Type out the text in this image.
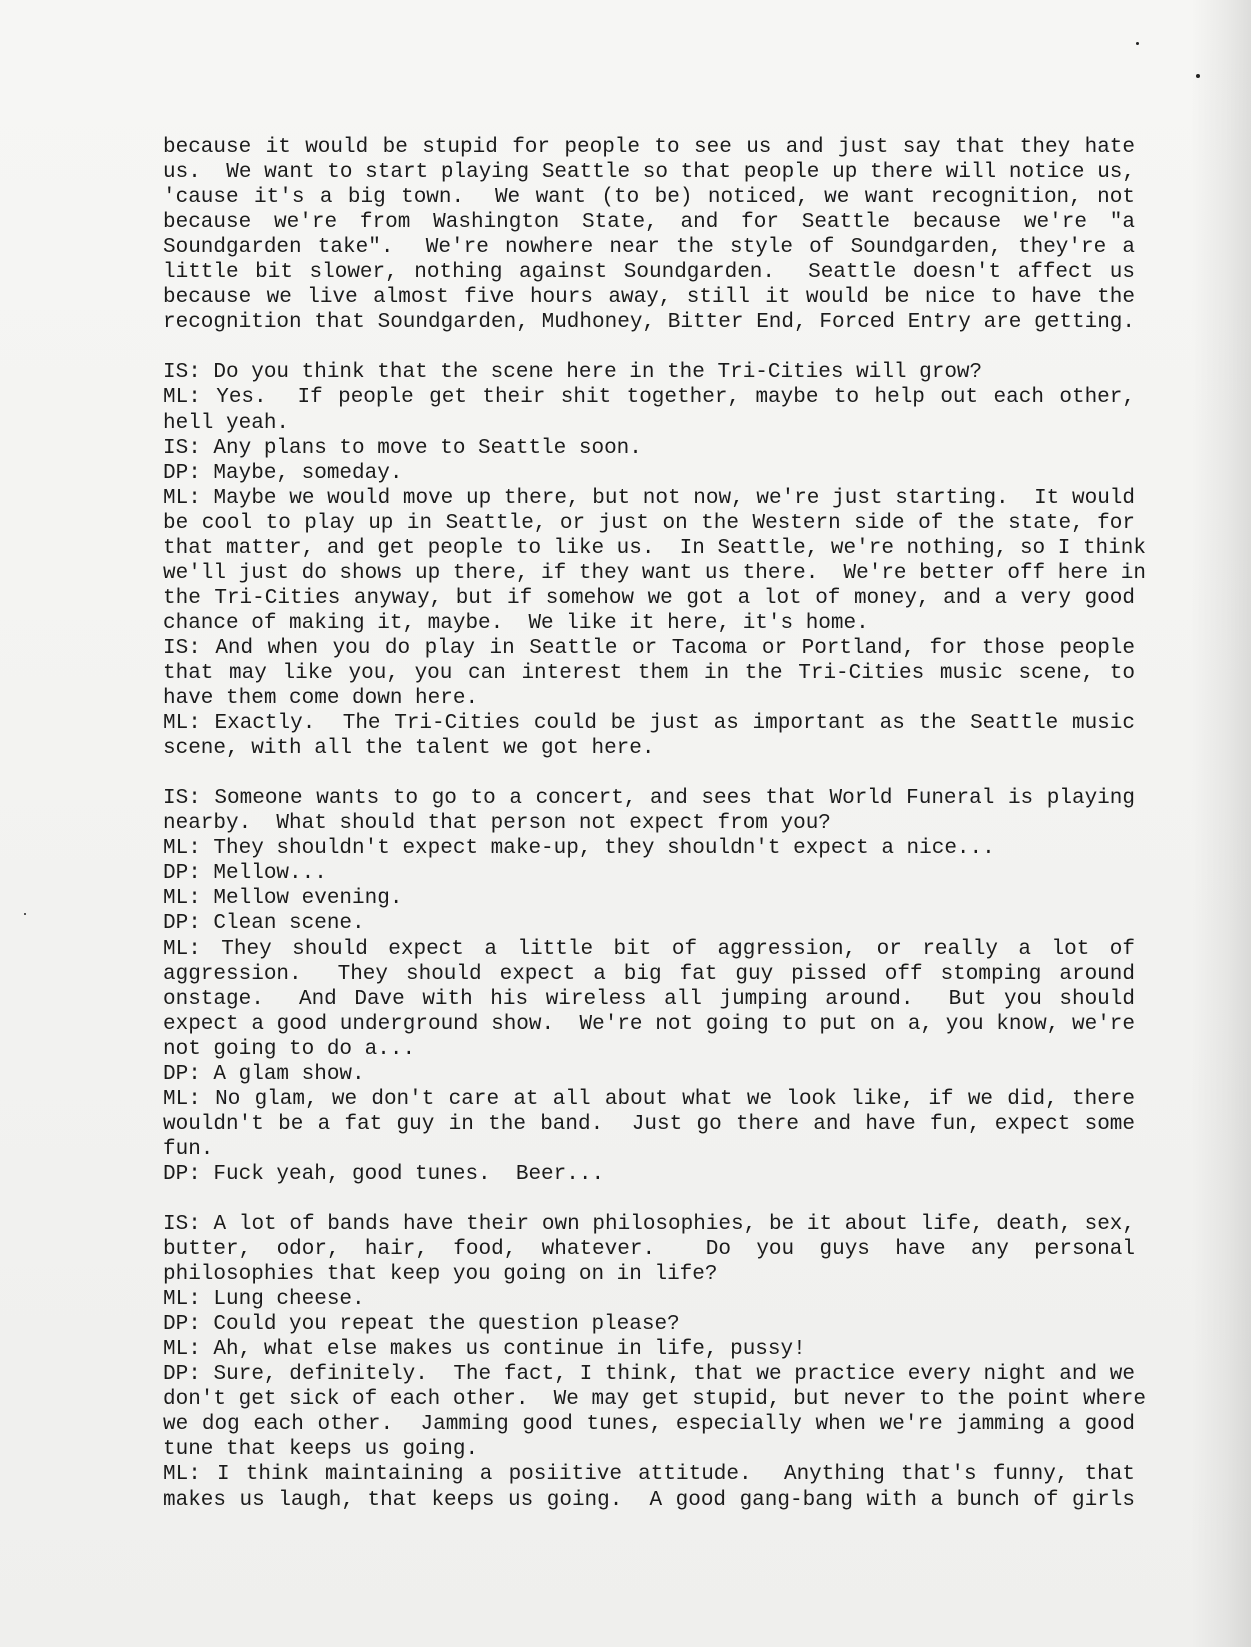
because it would be stupid for people to see us and just say that they hate
us.  We want to start playing Seattle so that people up there will notice us,
'cause it's a big town.  We want (to be) noticed, we want recognition, not
because we're from Washington State, and for Seattle because we're "a
Soundgarden take".  We're nowhere near the style of Soundgarden, they're a
little bit slower, nothing against Soundgarden.  Seattle doesn't affect us
because we live almost five hours away, still it would be nice to have the
recognition that Soundgarden, Mudhoney, Bitter End, Forced Entry are getting.
IS: Do you think that the scene here in the Tri-Cities will grow?
ML: Yes.  If people get their shit together, maybe to help out each other,
hell yeah.
IS: Any plans to move to Seattle soon.
DP: Maybe, someday.
ML: Maybe we would move up there, but not now, we're just starting.  It would
be cool to play up in Seattle, or just on the Western side of the state, for
that matter, and get people to like us.  In Seattle, we're nothing, so I think
we'll just do shows up there, if they want us there.  We're better off here in
the Tri-Cities anyway, but if somehow we got a lot of money, and a very good
chance of making it, maybe.  We like it here, it's home.
IS: And when you do play in Seattle or Tacoma or Portland, for those people
that may like you, you can interest them in the Tri-Cities music scene, to
have them come down here.
ML: Exactly.  The Tri-Cities could be just as important as the Seattle music
scene, with all the talent we got here.
IS: Someone wants to go to a concert, and sees that World Funeral is playing
nearby.  What should that person not expect from you?
ML: They shouldn't expect make-up, they shouldn't expect a nice...
DP: Mellow...
ML: Mellow evening.
DP: Clean scene.
ML: They should expect a little bit of aggression, or really a lot of
aggression.  They should expect a big fat guy pissed off stomping around
onstage.  And Dave with his wireless all jumping around.  But you should
expect a good underground show.  We're not going to put on a, you know, we're
not going to do a...
DP: A glam show.
ML: No glam, we don't care at all about what we look like, if we did, there
wouldn't be a fat guy in the band.  Just go there and have fun, expect some
fun.
DP: Fuck yeah, good tunes.  Beer...
IS: A lot of bands have their own philosophies, be it about life, death, sex,
butter, odor, hair, food, whatever.  Do you guys have any personal
philosophies that keep you going on in life?
ML: Lung cheese.
DP: Could you repeat the question please?
ML: Ah, what else makes us continue in life, pussy!
DP: Sure, definitely.  The fact, I think, that we practice every night and we
don't get sick of each other.  We may get stupid, but never to the point where
we dog each other.  Jamming good tunes, especially when we're jamming a good
tune that keeps us going.
ML: I think maintaining a posiitive attitude.  Anything that's funny, that
makes us laugh, that keeps us going.  A good gang-bang with a bunch of girls
